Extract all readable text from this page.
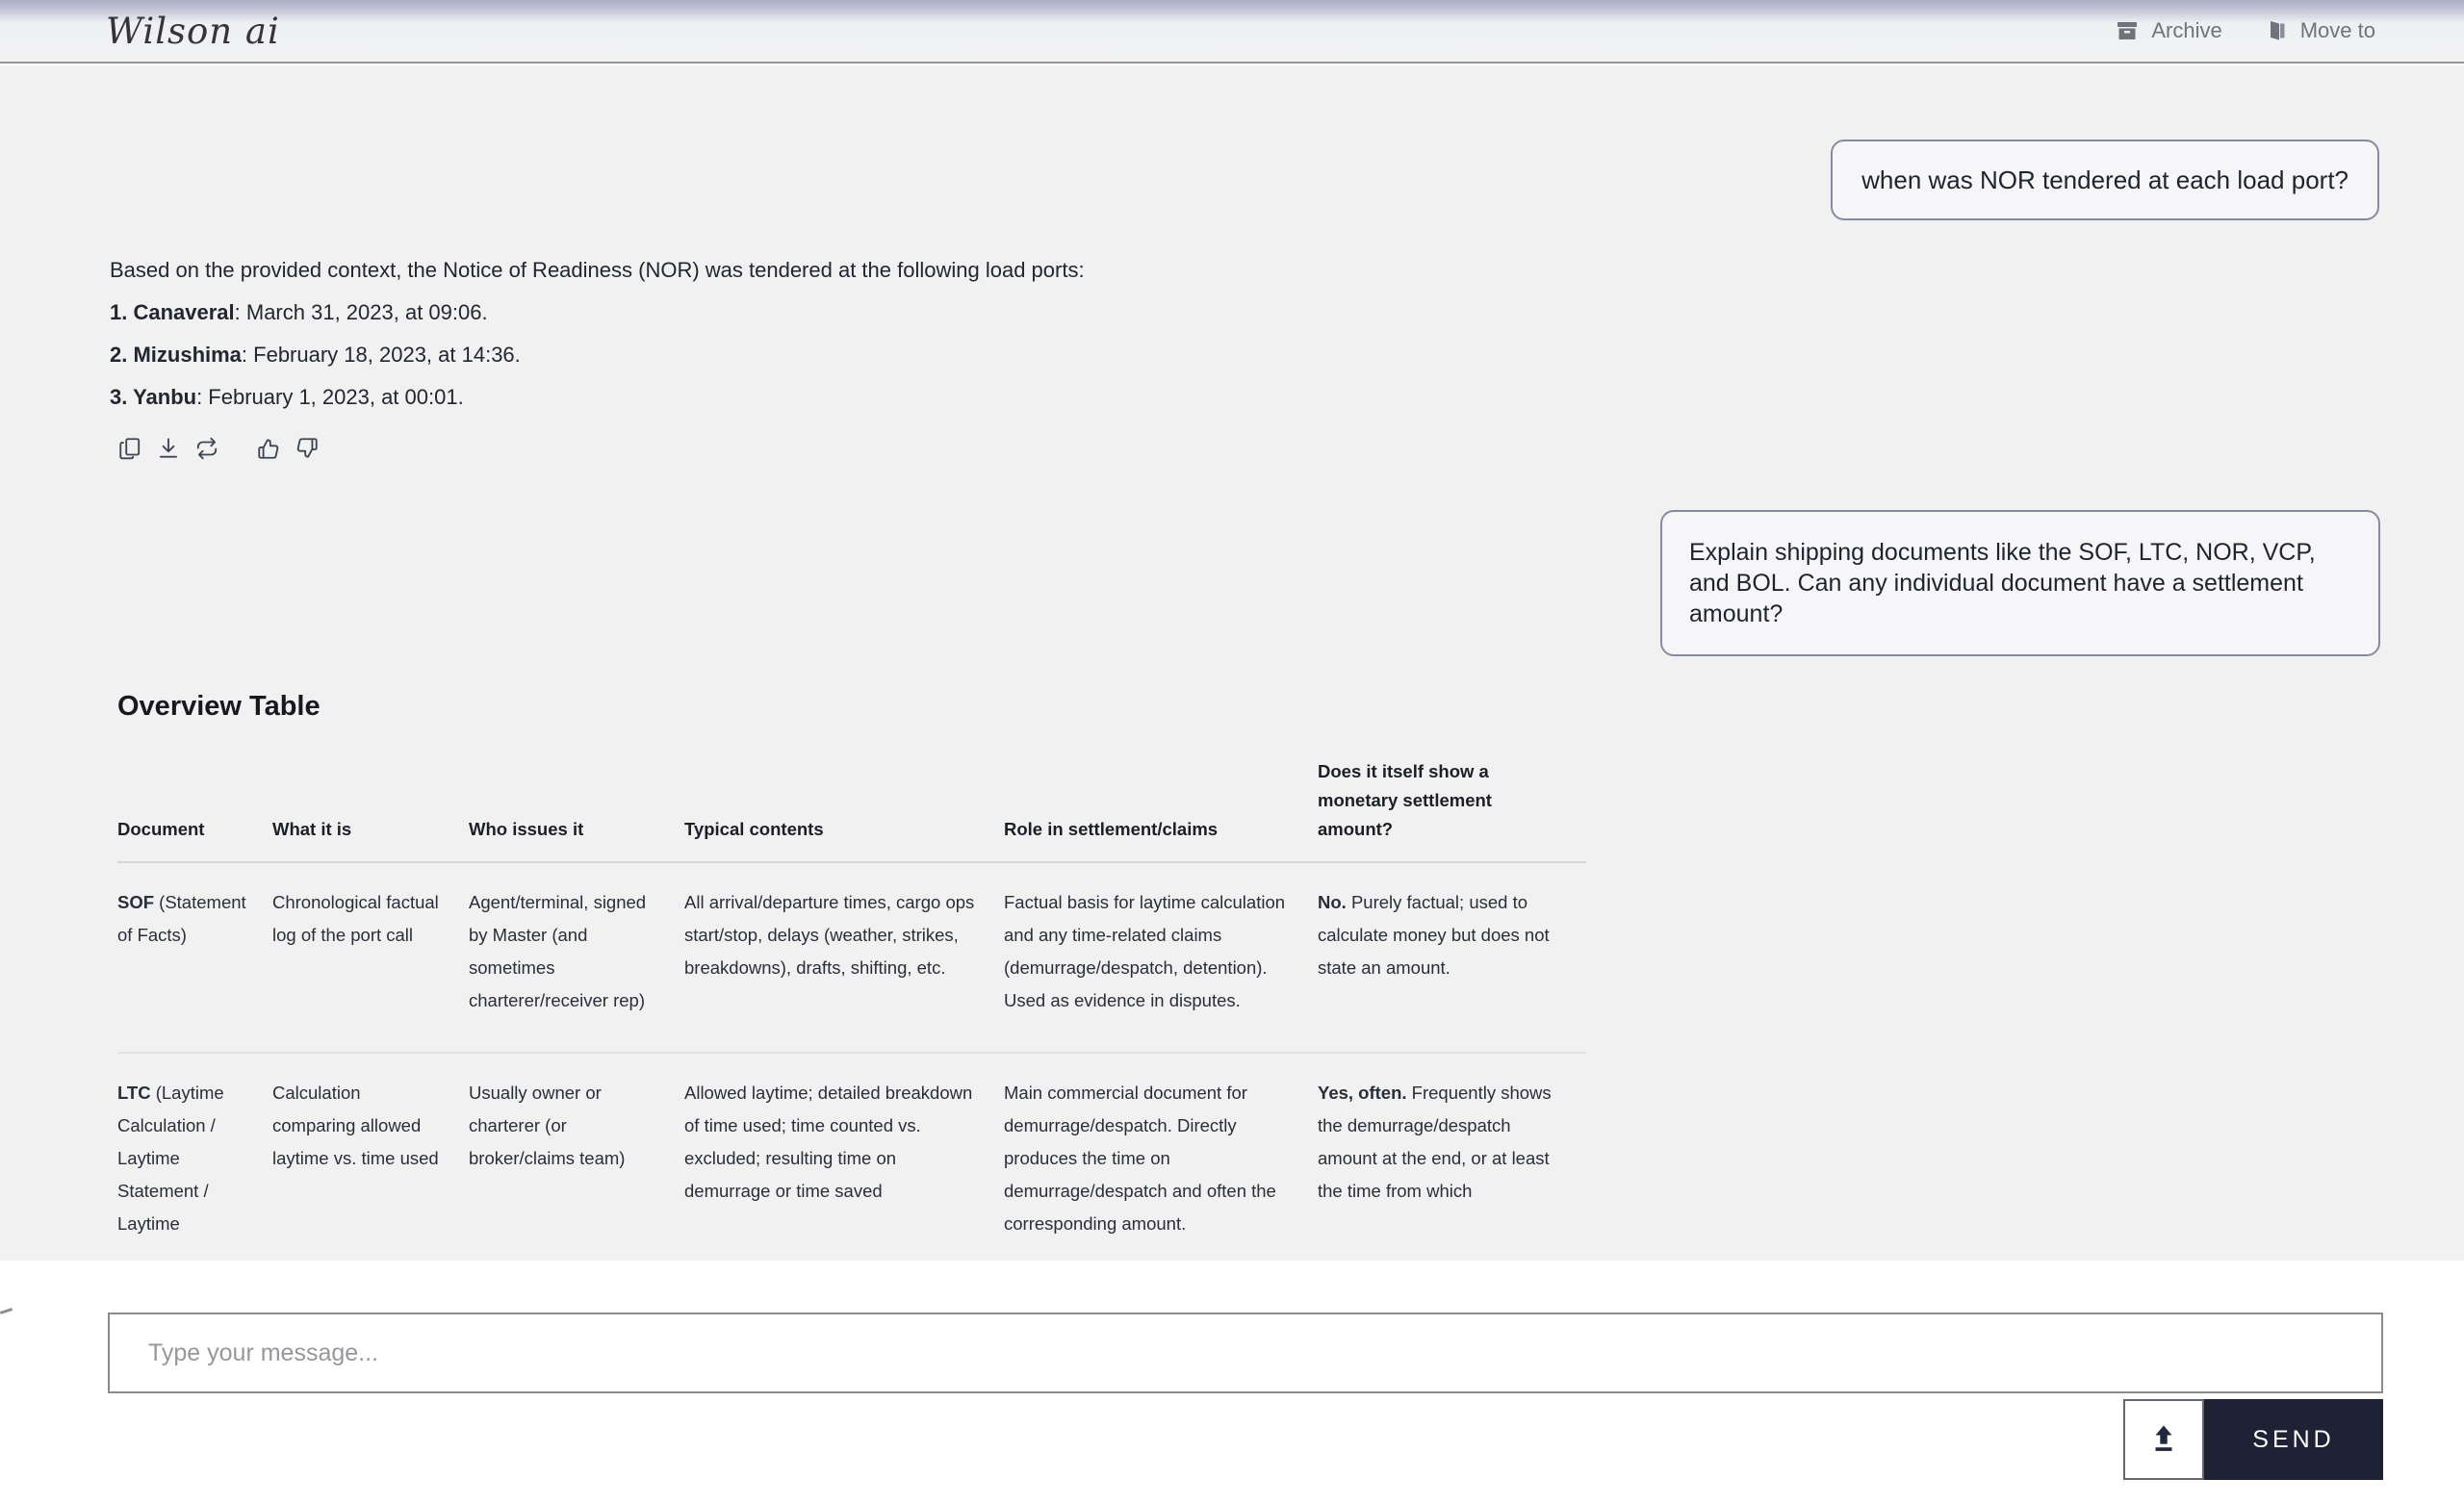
Wilson ai	Archive	Move to
when was NOR tendered at each load port?

Based on the provided context, the Notice of Readiness (NOR) was tendered at the following load ports:

1. Canaveral: March 31, 2023, at 09:06.

2. Mizushima: February 18, 2023, at 14:36.

3. Yanbu: February 1, 2023, at 00:01.

Explain shipping documents like the SOF, LTC, NOR, VCP, and BOL. Can any individual document have a settlement amount?
Overview Table
Document	What it is	Who issues it	Typical contents	Role in settlement/claims	Does it itself show a monetary settlement amount?
SOF (Statement of Facts)	Chronological factual log of the port call	Agent/terminal, signed by Master (and sometimes charterer/receiver rep)	All arrival/departure times, cargo ops start/stop, delays (weather, strikes, breakdowns), drafts, shifting, etc.	Factual basis for laytime calculation and any time-related claims (demurrage/despatch, detention). Used as evidence in disputes.	No. Purely factual; used to calculate money but does not state an amount.
LTC (Laytime Calculation / Laytime Statement / Laytime	Calculation comparing allowed laytime vs. time used	Usually owner or charterer (or broker/claims team)	Allowed laytime; detailed breakdown of time used; time counted vs. excluded; resulting time on demurrage or time saved	Main commercial document for demurrage/despatch. Directly produces the time on demurrage/despatch and often the corresponding amount.	Yes, often. Frequently shows the demurrage/despatch amount at the end, or at least the time from which
Type your message...
SEND
